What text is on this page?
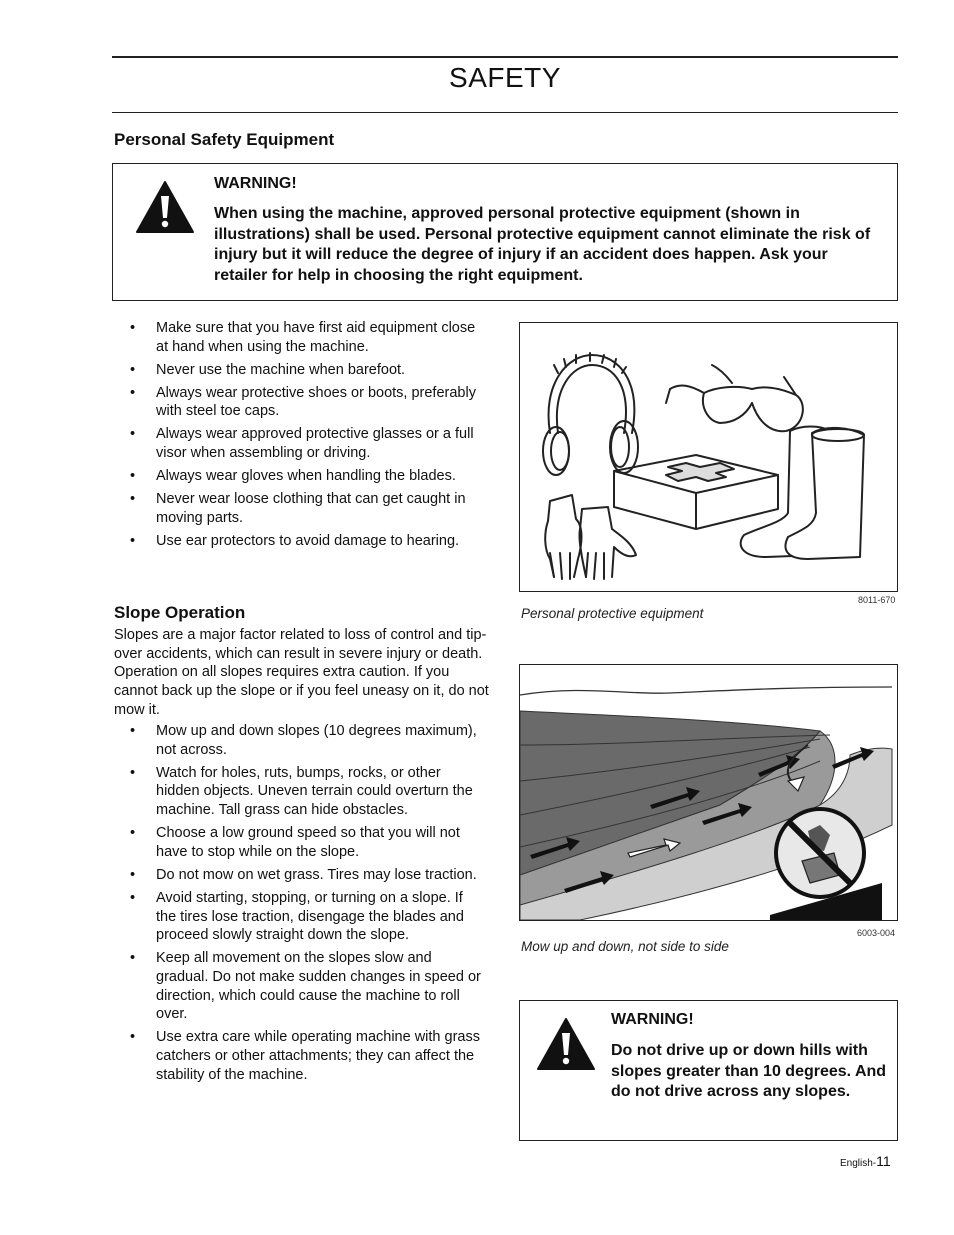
SAFETY
Personal Safety Equipment
WARNING!
When using the machine, approved personal protective equipment (shown in illustrations) shall be used. Personal protective equipment cannot eliminate the risk of injury but it will reduce the degree of injury if an accident does happen. Ask your retailer for help in choosing the right equipment.
• Make sure that you have first aid equipment close at hand when using the machine.
• Never use the machine when barefoot.
• Always wear protective shoes or boots, preferably with steel toe caps.
• Always wear approved protective glasses or a full visor when assembling or driving.
• Always wear gloves when handling the blades.
• Never wear loose clothing that can get caught in moving parts.
• Use ear protectors to avoid damage to hearing.
8011-670
Personal protective equipment
Slope Operation

Slopes are a major factor related to loss of control and tip-over accidents, which can result in severe injury or death. Operation on all slopes requires extra caution. If you cannot back up the slope or if you feel uneasy on it, do not mow it.

• Mow up and down slopes (10 degrees maximum), not across.
• Watch for holes, ruts, bumps, rocks, or other hidden objects. Uneven terrain could overturn the machine. Tall grass can hide obstacles.
• Choose a low ground speed so that you will not have to stop while on the slope.
• Do not mow on wet grass. Tires may lose traction.
• Avoid starting, stopping, or turning on a slope. If the tires lose traction, disengage the blades and proceed slowly straight down the slope.
• Keep all movement on the slopes slow and gradual. Do not make sudden changes in speed or direction, which could cause the machine to roll over.
• Use extra care while operating machine with grass catchers or other attachments; they can affect the stability of the machine.
6003-004
Mow up and down, not side to side
WARNING!
Do not drive up or down hills with slopes greater than 10 degrees. And do not drive across any slopes.
English-11
